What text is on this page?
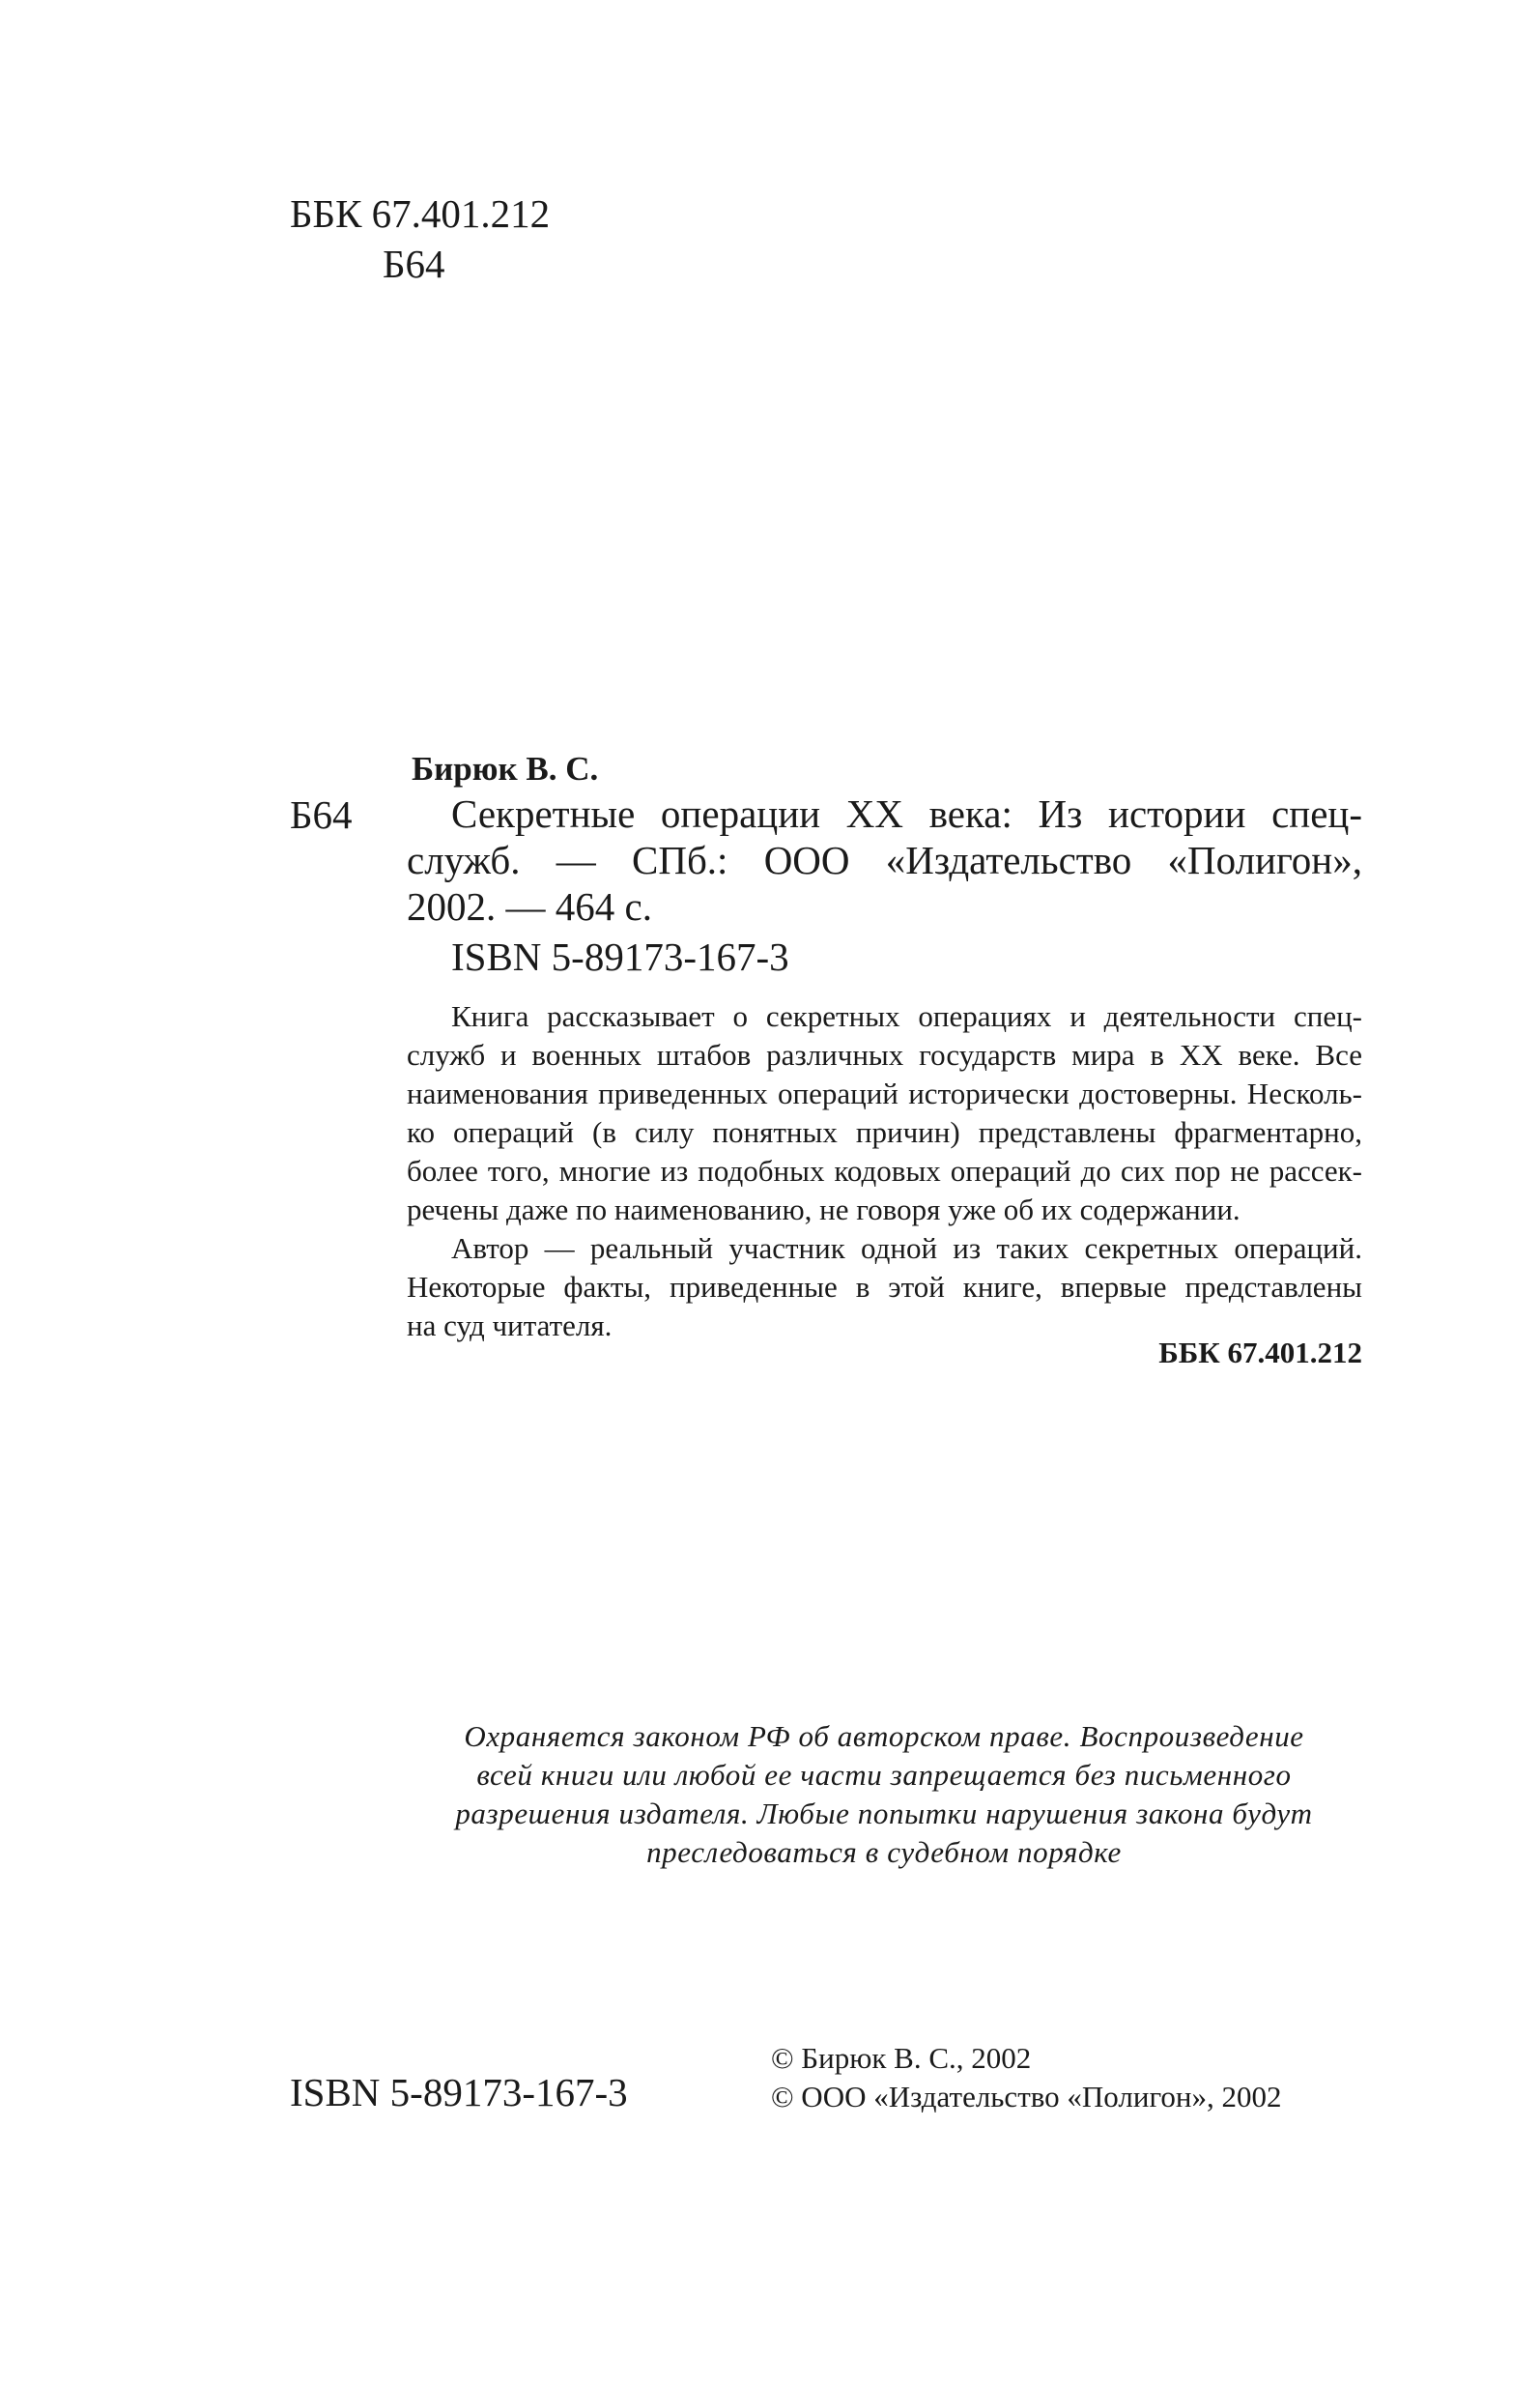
ББК 67.401.212
Б64
Бирюк В. С.
Б64 Секретные операции XX века: Из истории спец-
служб. — СПб.: ООО «Издательство «Полигон»,
2002. — 464 с.
ISBN 5-89173-167-3
Книга рассказывает о секретных операциях и деятельности спец-
служб и военных штабов различных государств мира в XX веке. Все
наименования приведенных операций исторически достоверны. Несколь-
ко операций (в силу понятных причин) представлены фрагментарно,
более того, многие из подобных кодовых операций до сих пор не рассек-
речены даже по наименованию, не говоря уже об их содержании.
Автор — реальный участник одной из таких секретных операций.
Некоторые факты, приведенные в этой книге, впервые представлены
на суд читателя.
ББК 67.401.212
Охраняется законом РФ об авторском праве. Воспроизведение
всей книги или любой ее части запрещается без письменного
разрешения издателя. Любые попытки нарушения закона будут
преследоваться в судебном порядке
ISBN 5-89173-167-3
© Бирюк В. С., 2002
© ООО «Издательство «Полигон», 2002
